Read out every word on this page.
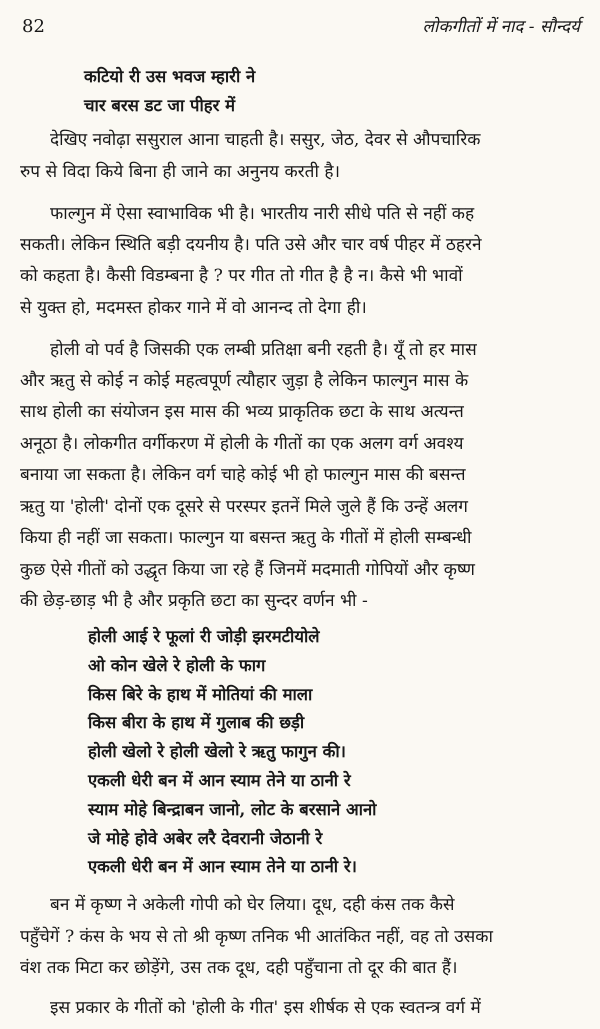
82	लोकगीतों में नाद - सौन्दर्य
कटियो री उस भवज म्हारी ने
चार बरस डट जा पीहर में
देखिए नवोढ़ा ससुराल आना चाहती है। ससुर, जेठ, देवर से औपचारिक
रुप से विदा किये बिना ही जाने का अनुनय करती है।
फाल्गुन में ऐसा स्वाभाविक भी है। भारतीय नारी सीधे पति से नहीं कह
सकती। लेकिन स्थिति बड़ी दयनीय है। पति उसे और चार वर्ष पीहर में ठहरने
को कहता है। कैसी विडम्बना है ? पर गीत तो गीत है है न। कैसे भी भावों
से युक्त हो, मदमस्त होकर गाने में वो आनन्द तो देगा ही।
होली वो पर्व है जिसकी एक लम्बी प्रतिक्षा बनी रहती है। यूँ तो हर मास
और ऋतु से कोई न कोई महत्वपूर्ण त्यौहार जुड़ा है लेकिन फाल्गुन मास के
साथ होली का संयोजन इस मास की भव्य प्राकृतिक छटा के साथ अत्यन्त
अनूठा है। लोकगीत वर्गीकरण में होली के गीतों का एक अलग वर्ग अवश्य
बनाया जा सकता है। लेकिन वर्ग चाहे कोई भी हो फाल्गुन मास की बसन्त
ऋतु या 'होली' दोनों एक दूसरे से परस्पर इतनें मिले जुले हैं कि उन्हें अलग
किया ही नहीं जा सकता। फाल्गुन या बसन्त ऋतु के गीतों में होली सम्बन्धी
कुछ ऐसे गीतों को उद्धृत किया जा रहे हैं जिनमें मदमाती गोपियों और कृष्ण
की छेड़-छाड़ भी है और प्रकृति छटा का सुन्दर वर्णन भी -
होली आई रे फूलां री जोड़ी झरमटीयोले
ओ कोन खेले रे होली के फाग
किस बिरे के हाथ में मोतियां की माला
किस बीरा के हाथ में गुलाब की छड़ी
होली खेलो रे होली खेलो रे ऋतु फागुन की।
एकली धेरी बन में आन स्याम तेने या ठानी रे
स्याम मोहे बिन्द्राबन जानो, लोट के बरसाने आनो
जे मोहे होवे अबेर लरै देवरानी जेठानी रे
एकली धेरी बन में आन स्याम तेने या ठानी रे।
बन में कृष्ण ने अकेली गोपी को घेर लिया। दूध, दही कंस तक कैसे
पहुँचेगें ? कंस के भय से तो श्री कृष्ण तनिक भी आतंकित नहीं, वह तो उसका
वंश तक मिटा कर छोड़ेंगे, उस तक दूध, दही पहुँचाना तो दूर की बात हैं।
इस प्रकार के गीतों को 'होली के गीत' इस शीर्षक से एक स्वतन्त्र वर्ग में
